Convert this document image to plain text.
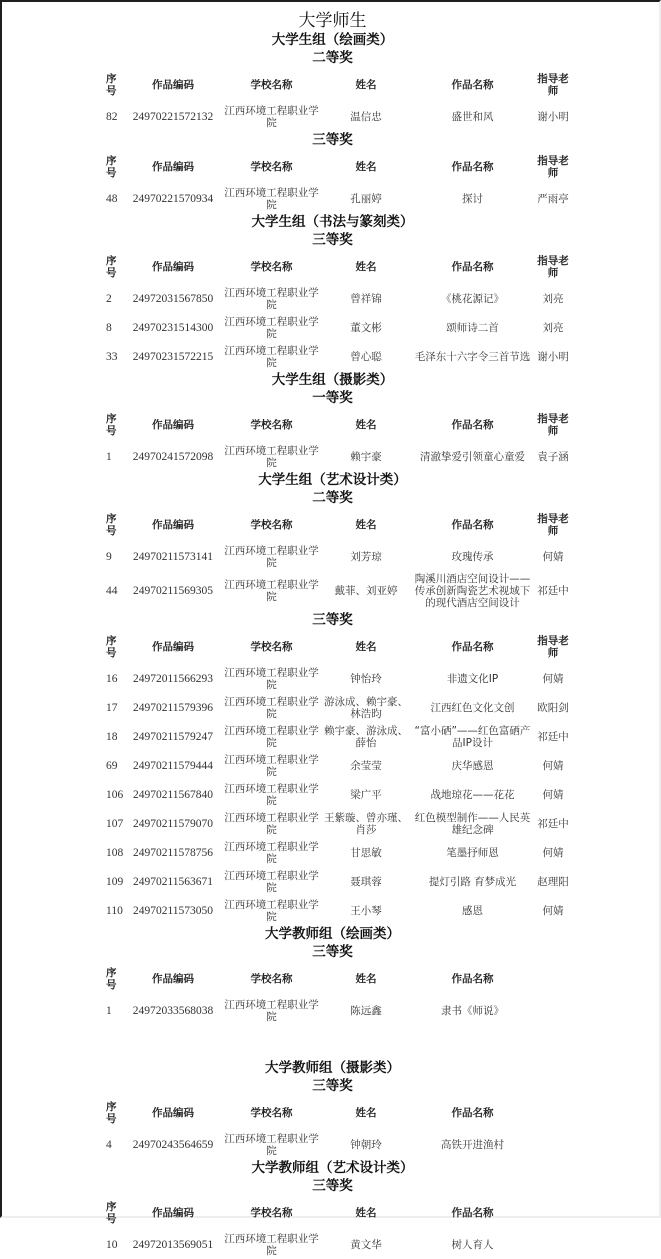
大学师生
大学生组（绘画类）
二等奖
序号	作品编码	学校名称	姓名	作品名称	指导老师
82	24970221572132	江西环境工程职业学院	温信忠	盛世和风	谢小明
三等奖
序号	作品编码	学校名称	姓名	作品名称	指导老师
48	24970221570934	江西环境工程职业学院	孔丽婷	探讨	严雨亭
大学生组（书法与篆刻类）
三等奖
序号	作品编码	学校名称	姓名	作品名称	指导老师
2	24972031567850	江西环境工程职业学院	曾祥锦	《桃花源记》	刘亮
8	24970231514300	江西环境工程职业学院	董文彬	颂师诗二首	刘亮
33	24970231572215	江西环境工程职业学院	曾心聪	毛泽东十六字令三首节选	谢小明
大学生组（摄影类）
一等奖
序号	作品编码	学校名称	姓名	作品名称	指导老师
1	24970241572098	江西环境工程职业学院	赖宇豪	清澈挚爱引领童心童爱	袁子涵
大学生组（艺术设计类）
二等奖
序号	作品编码	学校名称	姓名	作品名称	指导老师
9	24970211573141	江西环境工程职业学院	刘芳琼	玫瑰传承	何婧
44	24970211569305	江西环境工程职业学院	戴菲、刘亚婷	陶溪川酒店空间设计——传承创新陶瓷艺术视域下的现代酒店空间设计	祁廷中
三等奖
序号	作品编码	学校名称	姓名	作品名称	指导老师
16	24972011566293	江西环境工程职业学院	钟怡玲	非遗文化IP	何婧
17	24970211579396	江西环境工程职业学院	游泳成、赖宇豪、林浩昀	江西红色文化文创	欧阳剑
18	24970211579247	江西环境工程职业学院	赖宇豪、游泳成、薛怡	“富小硒”——红色富硒产品IP设计	祁廷中
69	24970211579444	江西环境工程职业学院	余莹莹	庆华感恩	何婧
106	24970211567840	江西环境工程职业学院	梁广平	战地琼花——花花	何婧
107	24970211579070	江西环境工程职业学院	王紫璇、曾亦瑾、肖莎	红色模型制作——人民英雄纪念碑	祁廷中
108	24970211578756	江西环境工程职业学院	甘思敏	笔墨抒师恩	何婧
109	24970211563671	江西环境工程职业学院	聂琪蓉	提灯引路 育梦成光	赵理阳
110	24970211573050	江西环境工程职业学院	王小琴	感恩	何婧
大学教师组（绘画类）
三等奖
序号	作品编码	学校名称	姓名	作品名称	
1	24972033568038	江西环境工程职业学院	陈远鑫	隶书《师说》	
大学教师组（摄影类）
三等奖
序号	作品编码	学校名称	姓名	作品名称	
4	24970243564659	江西环境工程职业学院	钟朝玲	高铁开进渔村	
大学教师组（艺术设计类）
三等奖
序号	作品编码	学校名称	姓名	作品名称	
10	24972013569051	江西环境工程职业学院	黄文华	树人育人	
